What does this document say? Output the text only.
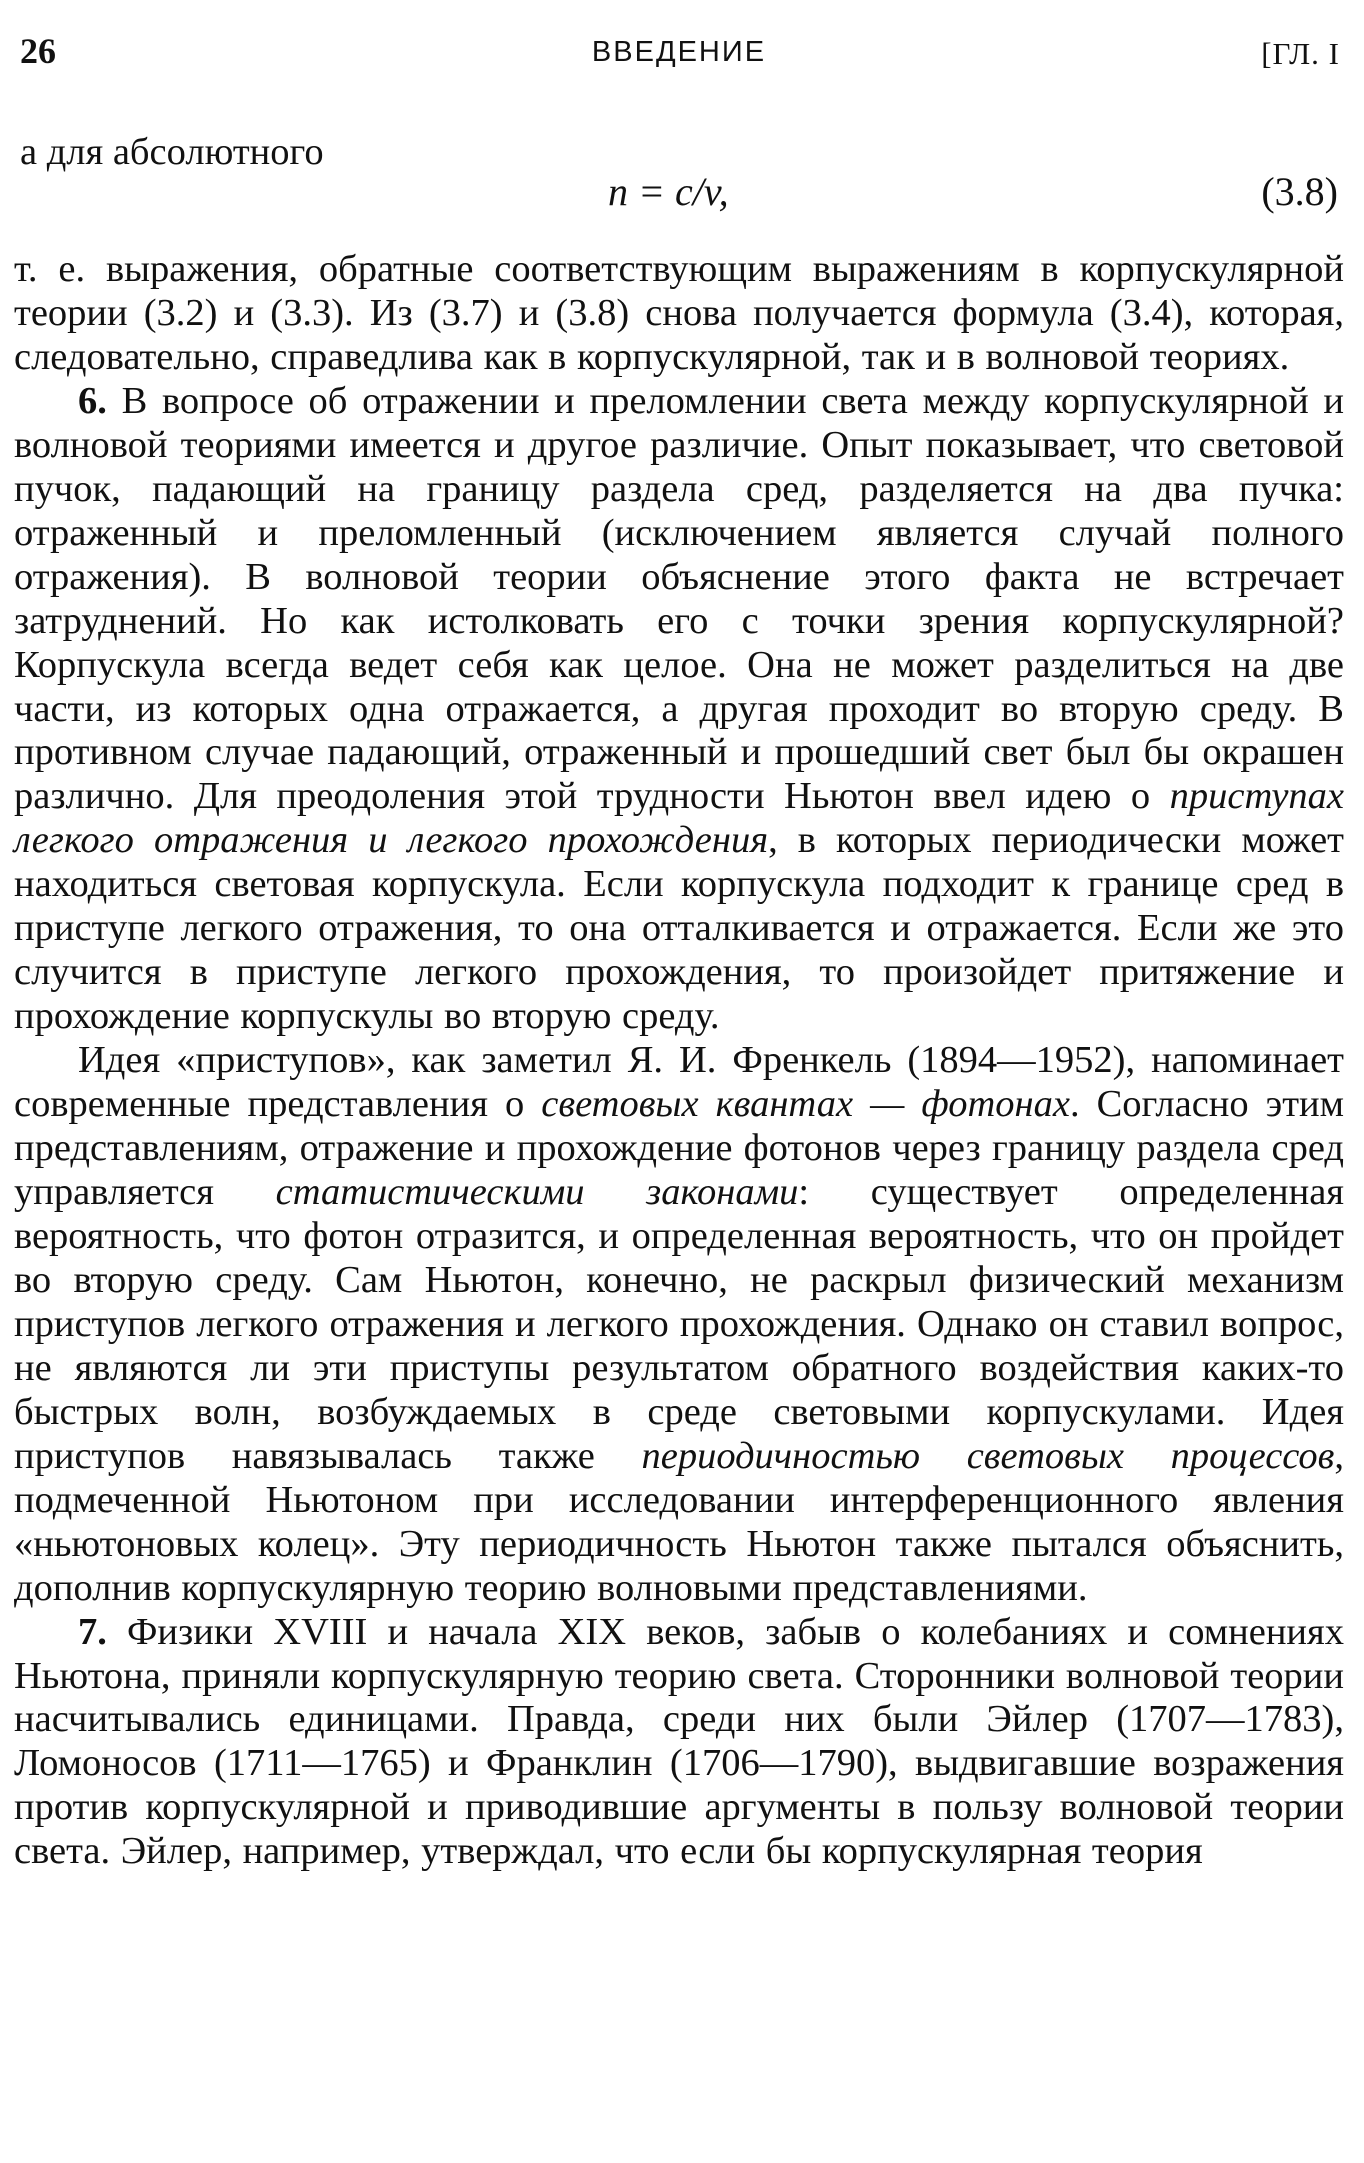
26	ВВЕДЕНИЕ	[ГЛ. I
а для абсолютного
n = c/v,	(3.8)

т. е. выражения, обратные соответствующим выражениям в корпускулярной теории (3.2) и (3.3). Из (3.7) и (3.8) снова получается формула (3.4), которая, следовательно, справедлива как в корпускулярной, так и в волновой теориях.

6. В вопросе об отражении и преломлении света между корпускулярной и волновой теориями имеется и другое различие. Опыт показывает, что световой пучок, падающий на границу раздела сред, разделяется на два пучка: отраженный и преломленный (исключением является случай полного отражения). В волновой теории объяснение этого факта не встречает затруднений. Но как истолковать его с точки зрения корпускулярной? Корпускула всегда ведет себя как целое. Она не может разделиться на две части, из которых одна отражается, а другая проходит во вторую среду. В противном случае падающий, отраженный и прошедший свет был бы окрашен различно. Для преодоления этой трудности Ньютон ввел идею о приступах легкого отражения и легкого прохождения, в которых периодически может находиться световая корпускула. Если корпускула подходит к границе сред в приступе легкого отражения, то она отталкивается и отражается. Если же это случится в приступе легкого прохождения, то произойдет притяжение и прохождение корпускулы во вторую среду.

Идея «приступов», как заметил Я. И. Френкель (1894—1952), напоминает современные представления о световых квантах — фотонах. Согласно этим представлениям, отражение и прохождение фотонов через границу раздела сред управляется статистическими законами: существует определенная вероятность, что фотон отразится, и определенная вероятность, что он пройдет во вторую среду. Сам Ньютон, конечно, не раскрыл физический механизм приступов легкого отражения и легкого прохождения. Однако он ставил вопрос, не являются ли эти приступы результатом обратного воздействия каких-то быстрых волн, возбуждаемых в среде световыми корпускулами. Идея приступов навязывалась также периодичностью световых процессов, подмеченной Ньютоном при исследовании интерференционного явления «ньютоновых колец». Эту периодичность Ньютон также пытался объяснить, дополнив корпускулярную теорию волновыми представлениями.

7. Физики XVIII и начала XIX веков, забыв о колебаниях и сомнениях Ньютона, приняли корпускулярную теорию света. Сторонники волновой теории насчитывались единицами. Правда, среди них были Эйлер (1707—1783), Ломоносов (1711—1765) и Франклин (1706—1790), выдвигавшие возражения против корпускулярной и приводившие аргументы в пользу волновой теории света. Эйлер, например, утверждал, что если бы корпускулярная теория
